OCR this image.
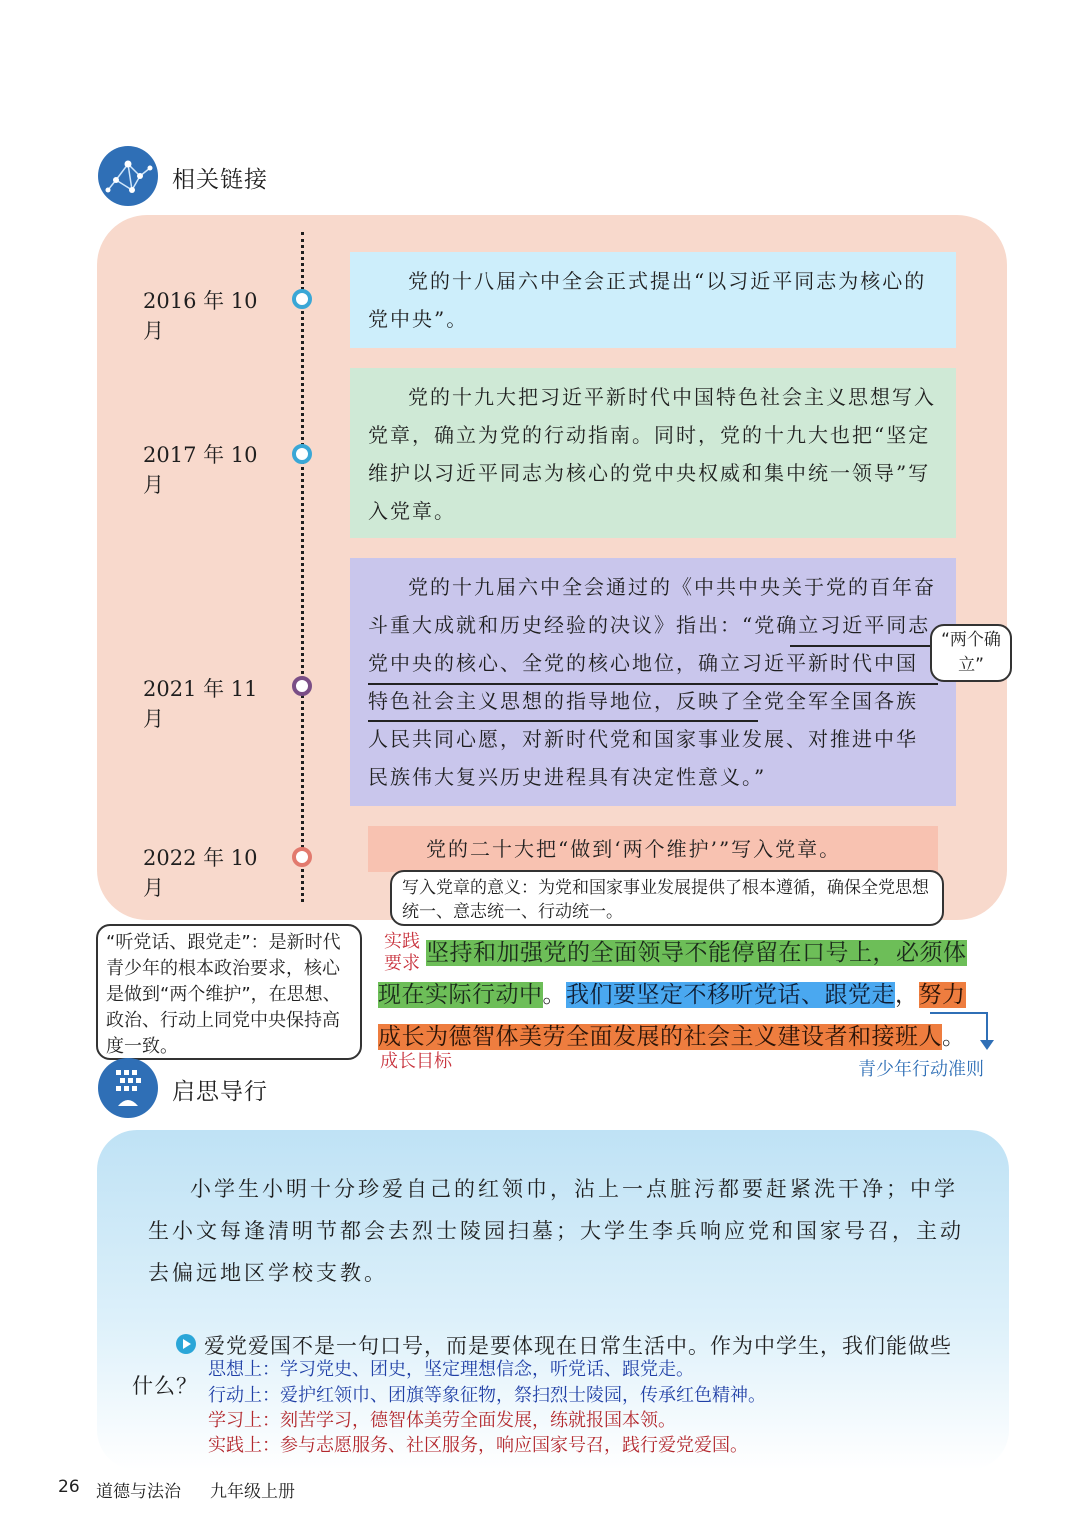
相关链接
2016 年 10 月
党的十八届六中全会正式提出“以习近平同志为核心的党中央”。
2017 年 10 月
党的十九大把习近平新时代中国特色社会主义思想写入党章，确立为党的行动指南。同时，党的十九大也把“坚定维护以习近平同志为核心的党中央权威和集中统一领导”写入党章。
2021 年 11 月
党的十九届六中全会通过的《中共中央关于党的百年奋斗重大成就和历史经验的决议》指出：“党确立习近平同志党中央的核心、全党的核心地位，确立习近平新时代中国特色社会主义思想的指导地位，反映了全党全军全国各族人民共同心愿，对新时代党和国家事业发展、对推进中华民族伟大复兴历史进程具有决定性意义。”
“两个确立”
2022 年 10 月
党的二十大把“做到‘两个维护’”写入党章。
写入党章的意义：为党和国家事业发展提供了根本遵循，确保全党思想统一、意志统一、行动统一。
“听党话、跟党走”：是新时代青少年的根本政治要求，核心是做到“两个维护”，在思想、政治、行动上同党中央保持高度一致。
实践要求 坚持和加强党的全面领导不能停留在口号上，必须体
现在实际行动中。我们要坚定不移听党话、跟党走，努力
成长为德智体美劳全面发展的社会主义建设者和接班人。
成长目标	青少年行动准则
启思导行
小学生小明十分珍爱自己的红领巾，沾上一点脏污都要赶紧洗干净；中学生小文每逢清明节都会去烈士陵园扫墓；大学生李兵响应党和国家号召，主动去偏远地区学校支教。
爱党爱国不是一句口号，而是要体现在日常生活中。作为中学生，我们能做些
什么？
思想上：学习党史、团史，坚定理想信念，听党话、跟党走。
行动上：爱护红领巾、团旗等象征物，祭扫烈士陵园，传承红色精神。
学习上：刻苦学习，德智体美劳全面发展，练就报国本领。
实践上：参与志愿服务、社区服务，响应国家号召，践行爱党爱国。
26 道德与法治 九年级上册
